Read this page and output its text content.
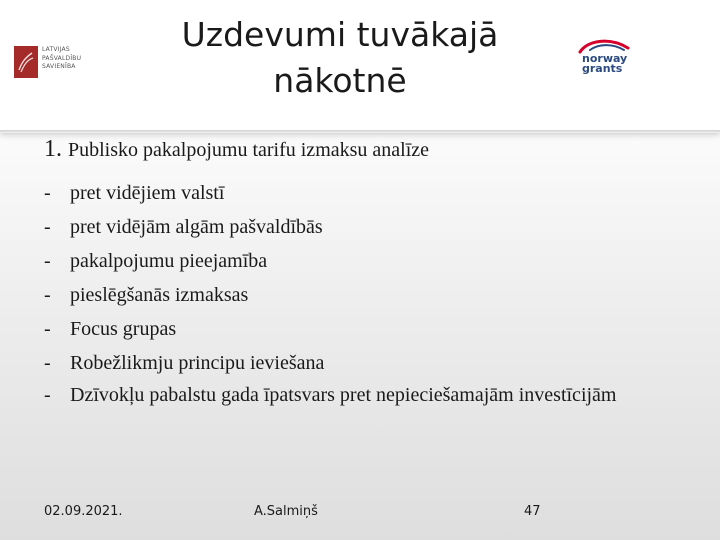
LATVIJAS
PAŠVALDĪBU
SAVIENĪBA
Uzdevumi tuvākajā
nākotnē
norway
grants
1. Publisko pakalpojumu tarifu izmaksu analīze
- pret vidējiem valstī
- pret vidējām algām pašvaldībās
- pakalpojumu pieejamība
- pieslēgšanās izmaksas
- Focus grupas
- Robežlikmju principu ieviešana
- Dzīvokļu pabalstu gada īpatsvars pret nepieciešamajām investīcijām
02.09.2021.	A.Salmiņš	47
